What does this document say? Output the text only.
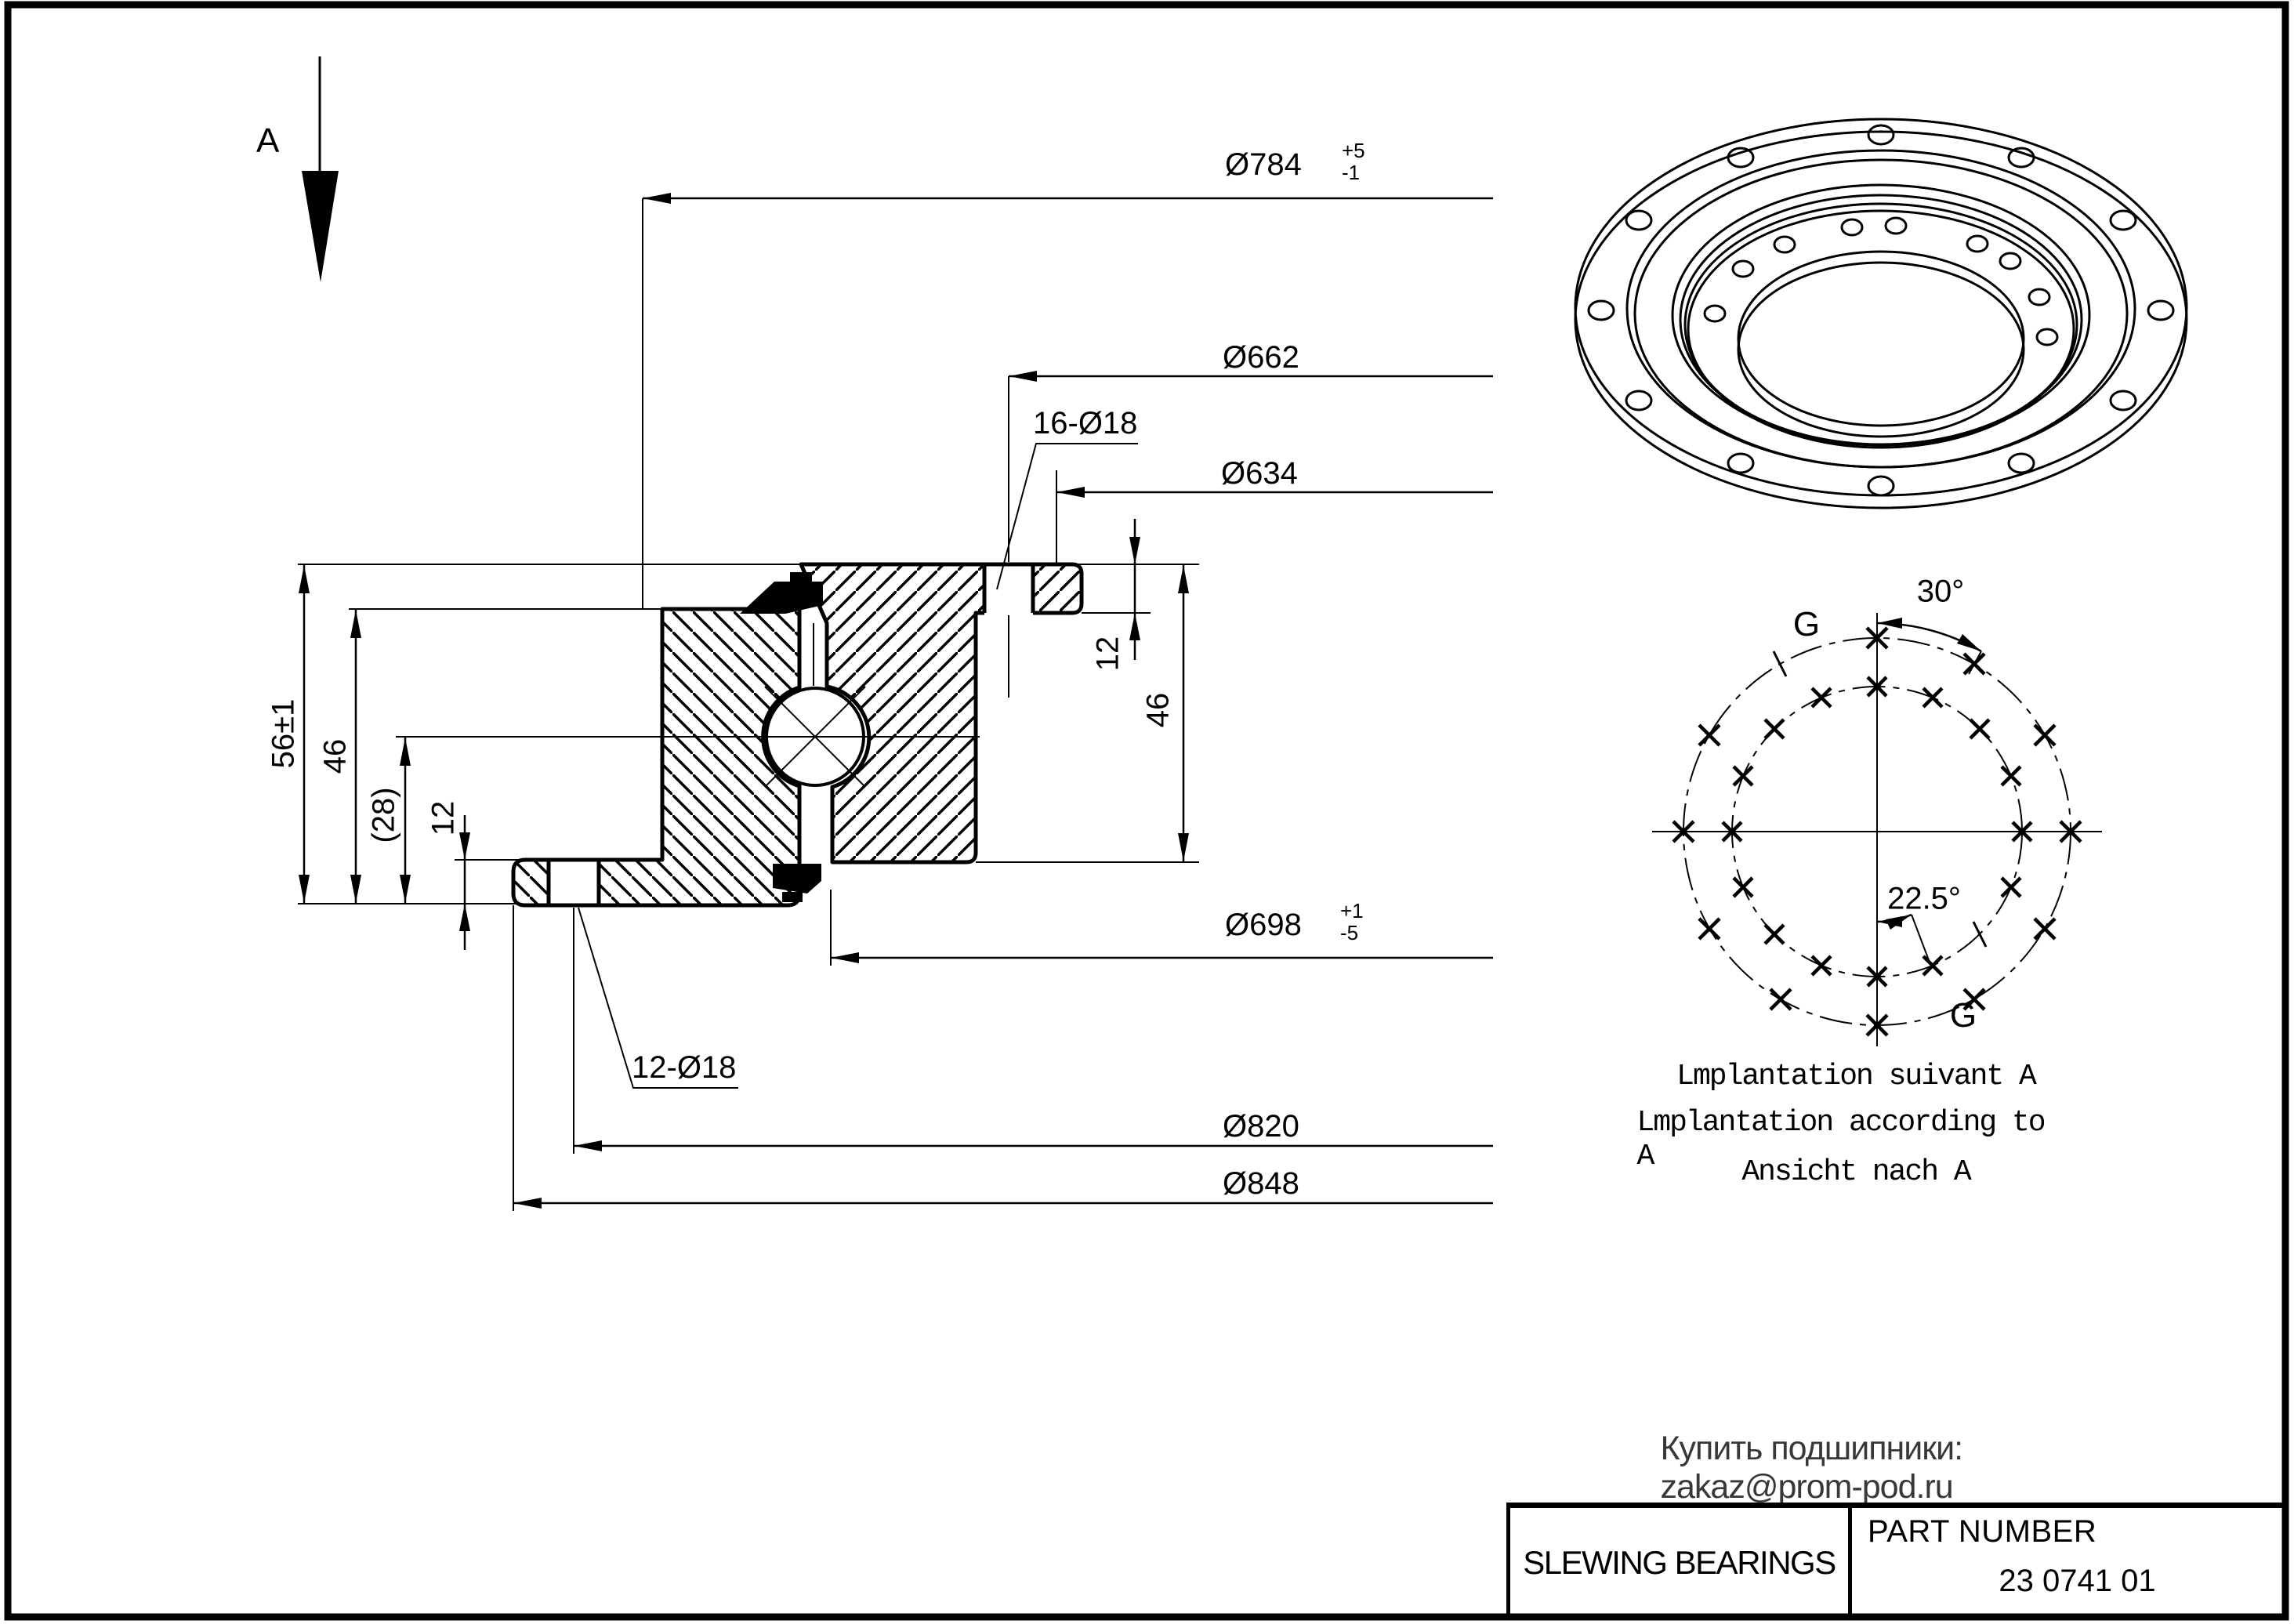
A
Ø784 +5
-1
Ø662
16-Ø18
Ø634
12
46
56±1 46
(28) 12
12-Ø18
Ø698 +1
-5
Ø820
Ø848
30°
G
22.5°
G
Lmplantation suivant A
Lmplantation according to A	Ansicht nach A
Купить подшипники: zakaz@prom-pod.ru
SLEWING BEARINGS
PART NUMBER
23 0741 01
